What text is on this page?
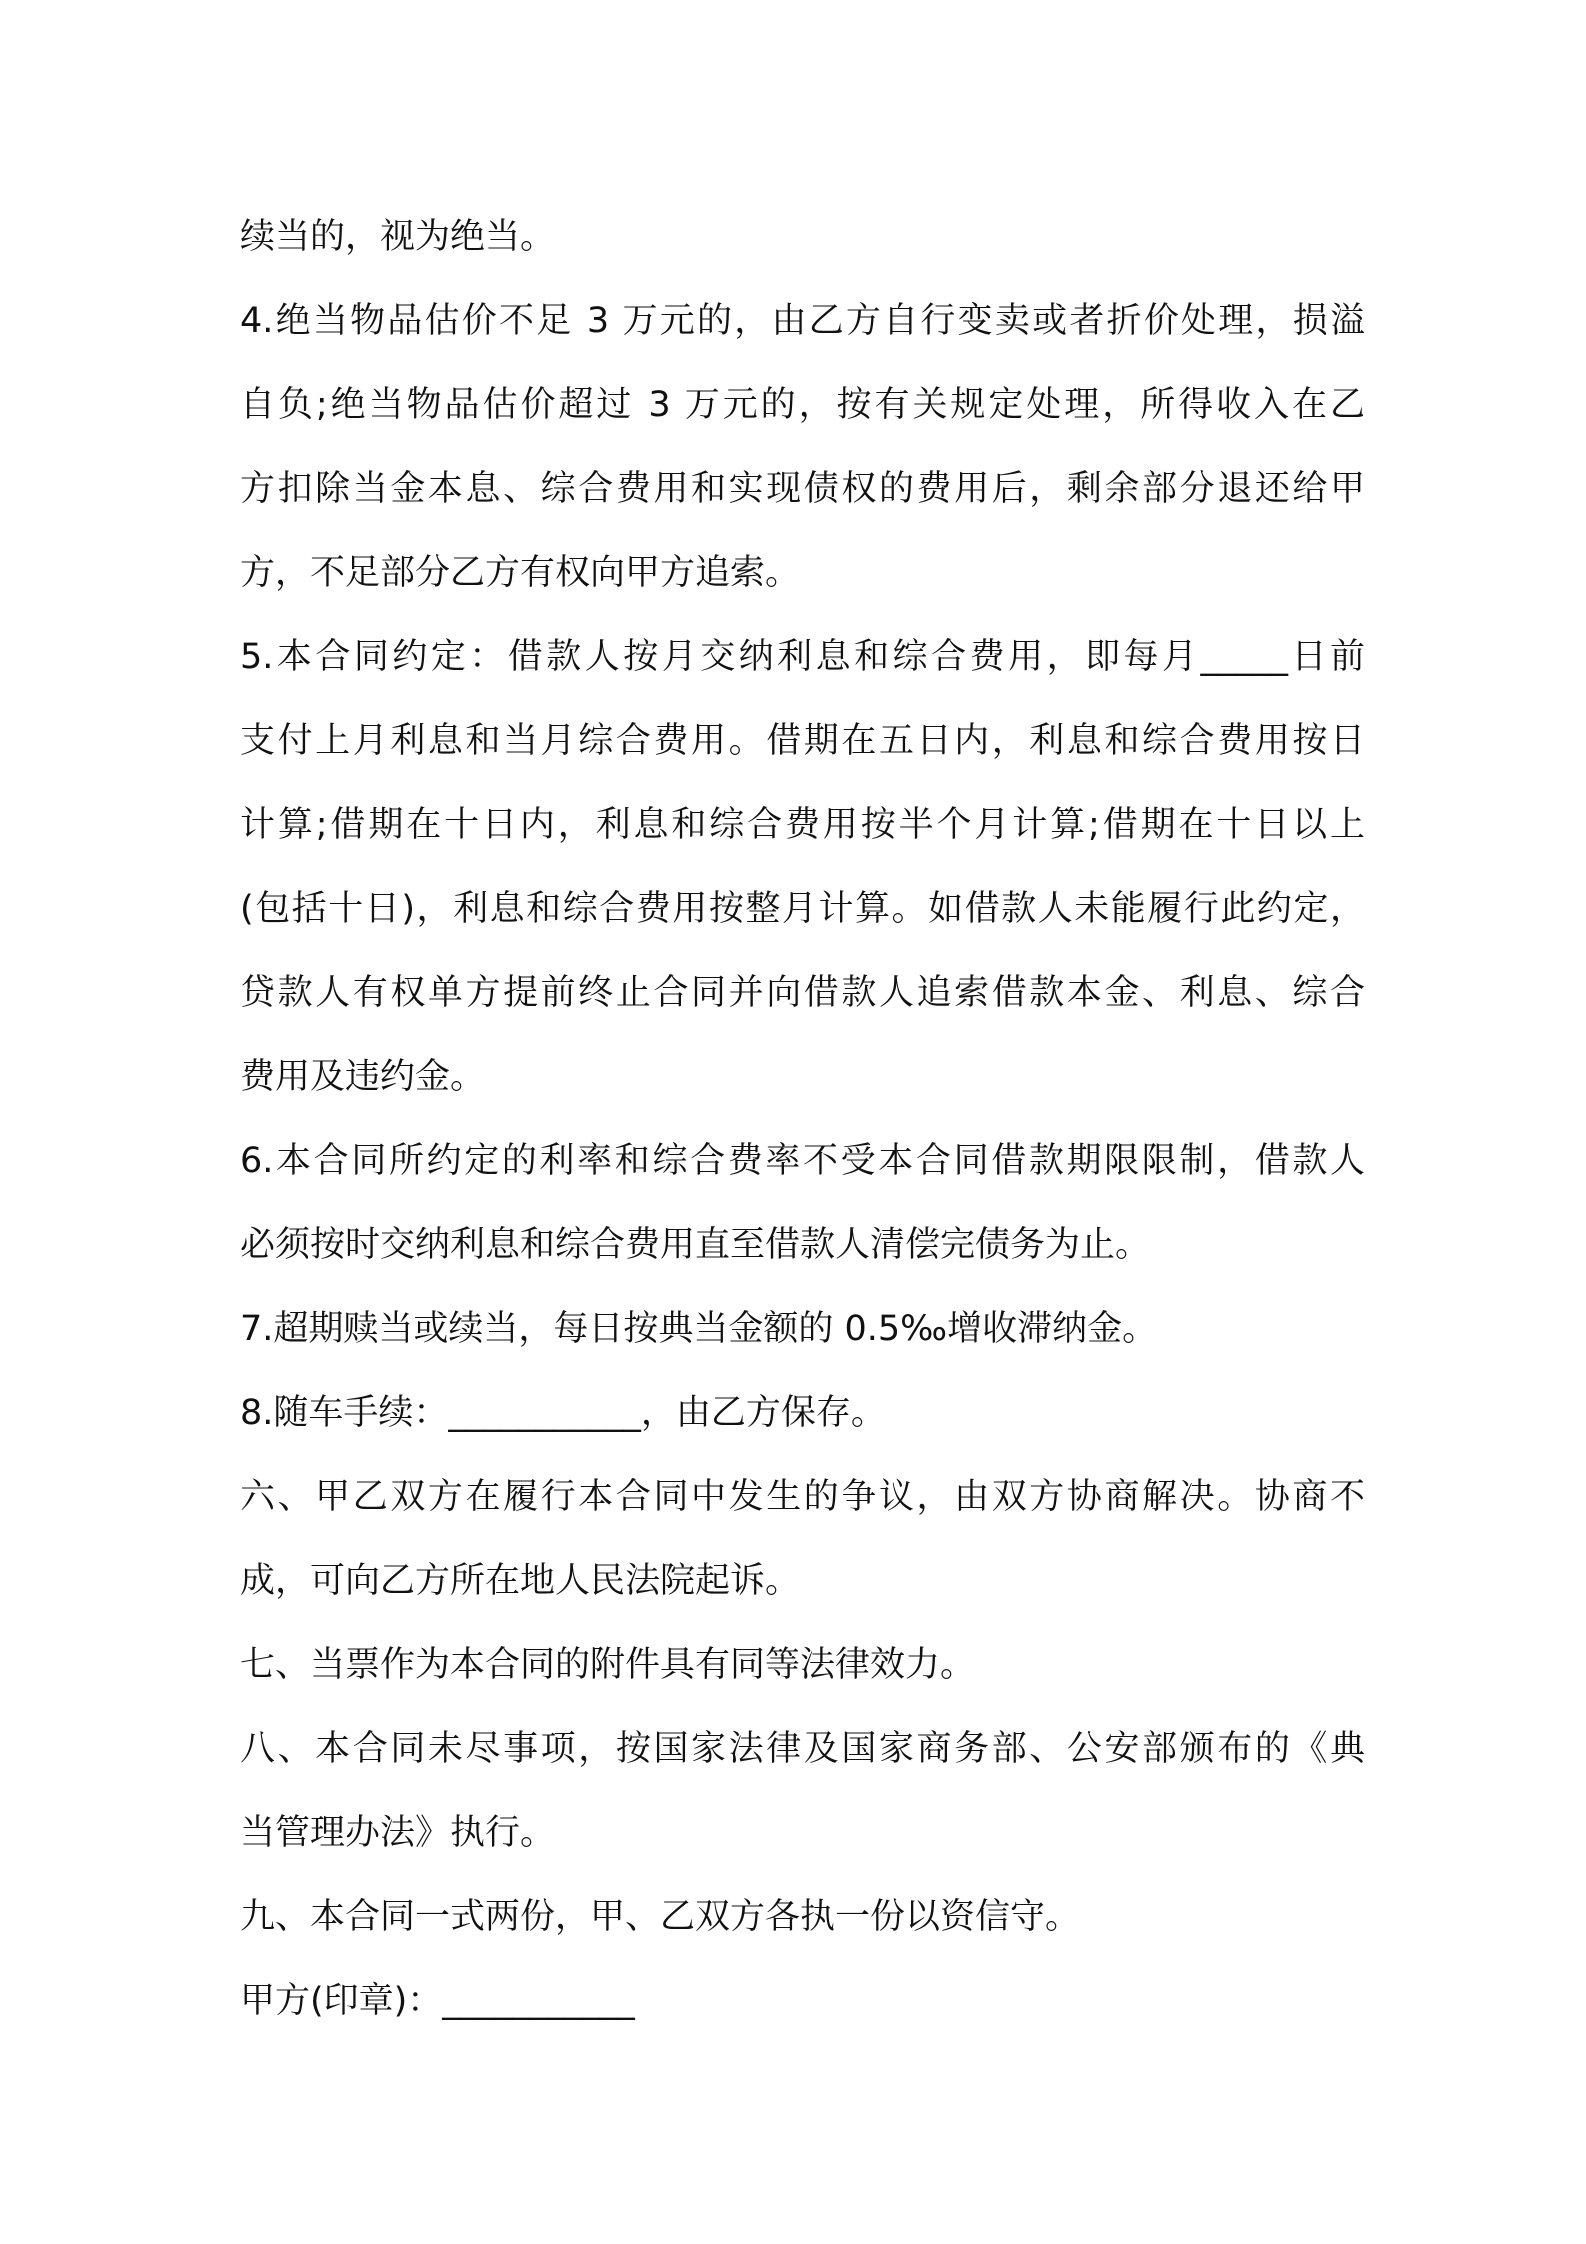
续当的，视为绝当。
4.绝当物品估价不足 3 万元的，由乙方自行变卖或者折价处理，损溢
自负;绝当物品估价超过 3 万元的，按有关规定处理，所得收入在乙
方扣除当金本息、综合费用和实现债权的费用后，剩余部分退还给甲
方，不足部分乙方有权向甲方追索。
5.本合同约定：借款人按月交纳利息和综合费用，即每月_____日前
支付上月利息和当月综合费用。借期在五日内，利息和综合费用按日
计算;借期在十日内，利息和综合费用按半个月计算;借期在十日以上
(包括十日)，利息和综合费用按整月计算。如借款人未能履行此约定，
贷款人有权单方提前终止合同并向借款人追索借款本金、利息、综合
费用及违约金。
6.本合同所约定的利率和综合费率不受本合同借款期限限制，借款人
必须按时交纳利息和综合费用直至借款人清偿完债务为止。
7.超期赎当或续当，每日按典当金额的 0.5‰增收滞纳金。
8.随车手续：___________，由乙方保存。
六、甲乙双方在履行本合同中发生的争议，由双方协商解决。协商不
成，可向乙方所在地人民法院起诉。
七、当票作为本合同的附件具有同等法律效力。
八、本合同未尽事项，按国家法律及国家商务部、公安部颁布的《典
当管理办法》执行。
九、本合同一式两份，甲、乙双方各执一份以资信守。
甲方(印章)：___________
